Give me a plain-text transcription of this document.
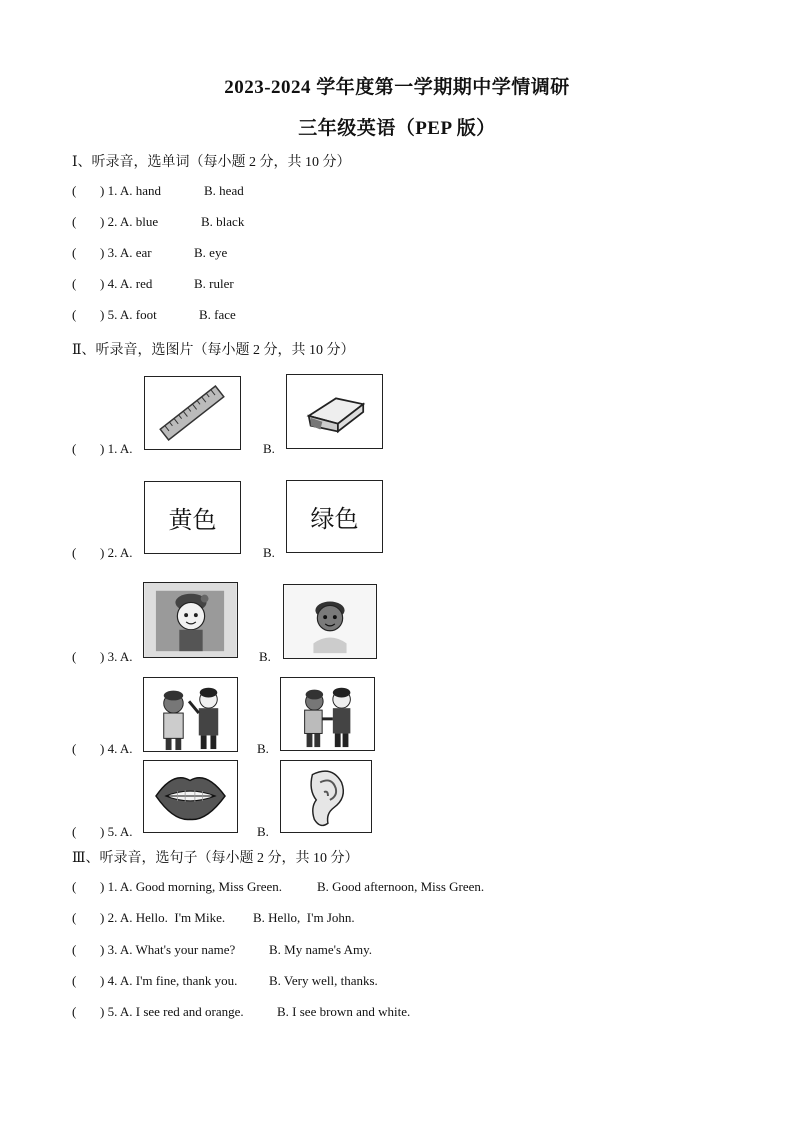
2023-2024 学年度第一学期期中学情调研
三年级英语（PEP 版）
Ⅰ、听录音，选单词（每小题 2 分，共 10 分）
( ) 1. A. hand	B. head
( ) 2. A. blue	B. black
( ) 3. A. ear	B. eye
( ) 4. A. red	B. ruler
( ) 5. A. foot	B. face
Ⅱ、听录音，选图片（每小题 2 分，共 10 分）
( ) 1. A.	B.
黄色	绿色
( ) 2. A.	B.
( ) 3. A.	B.
( ) 4. A.	B.
( ) 5. A.	B.
Ⅲ、听录音，选句子（每小题 2 分，共 10 分）
( ) 1. A. Good morning, Miss Green.	B. Good afternoon, Miss Green.
( ) 2. A. Hello.  I'm Mike. B. Hello,  I'm John.
( ) 3. A. What's your name?	B. My name's Amy.
( ) 4. A. I'm fine, thank you. B. Very well, thanks.
( ) 5. A. I see red and orange.	B. I see brown and white.
